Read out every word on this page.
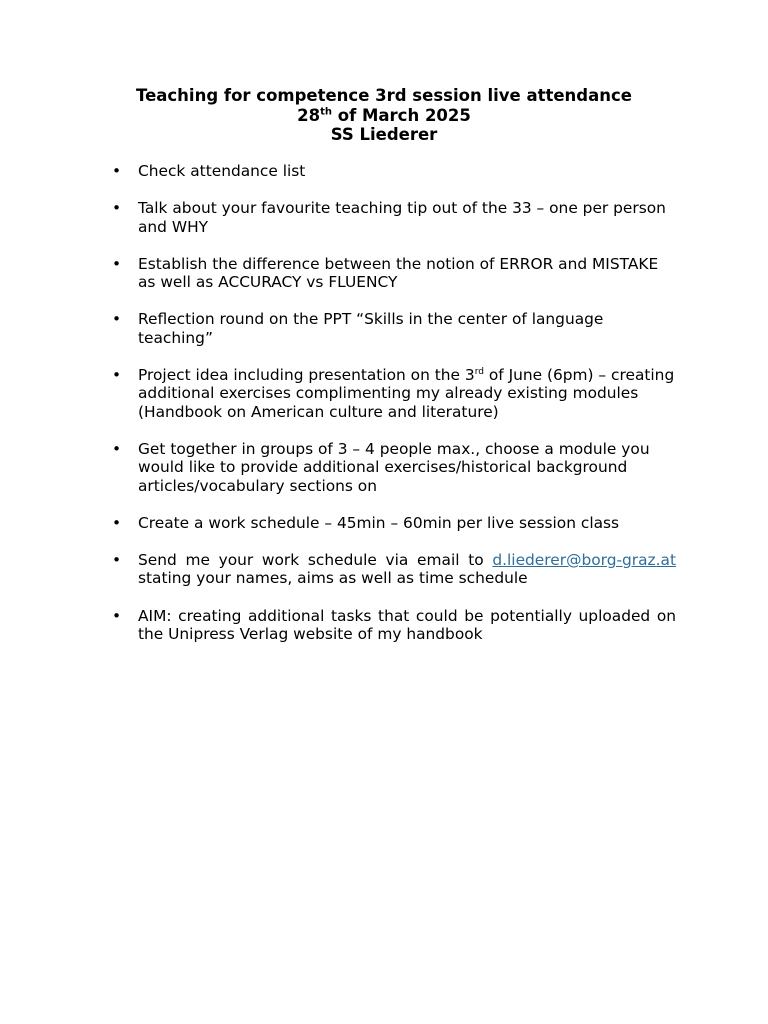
Teaching for competence 3rd session live attendance
28th of March 2025
SS Liederer
• Check attendance list
• Talk about your favourite teaching tip out of the 33 – one per person and WHY
• Establish the difference between the notion of ERROR and MISTAKE as well as ACCURACY vs FLUENCY
• Reflection round on the PPT “Skills in the center of language teaching”
• Project idea including presentation on the 3rd of June (6pm) – creating additional exercises complimenting my already existing modules (Handbook on American culture and literature)
• Get together in groups of 3 – 4 people max., choose a module you would like to provide additional exercises/historical background articles/vocabulary sections on
• Create a work schedule – 45min – 60min per live session class
• Send me your work schedule via email to d.liederer@borg-graz.at stating your names, aims as well as time schedule
• AIM: creating additional tasks that could be potentially uploaded on the Unipress Verlag website of my handbook
